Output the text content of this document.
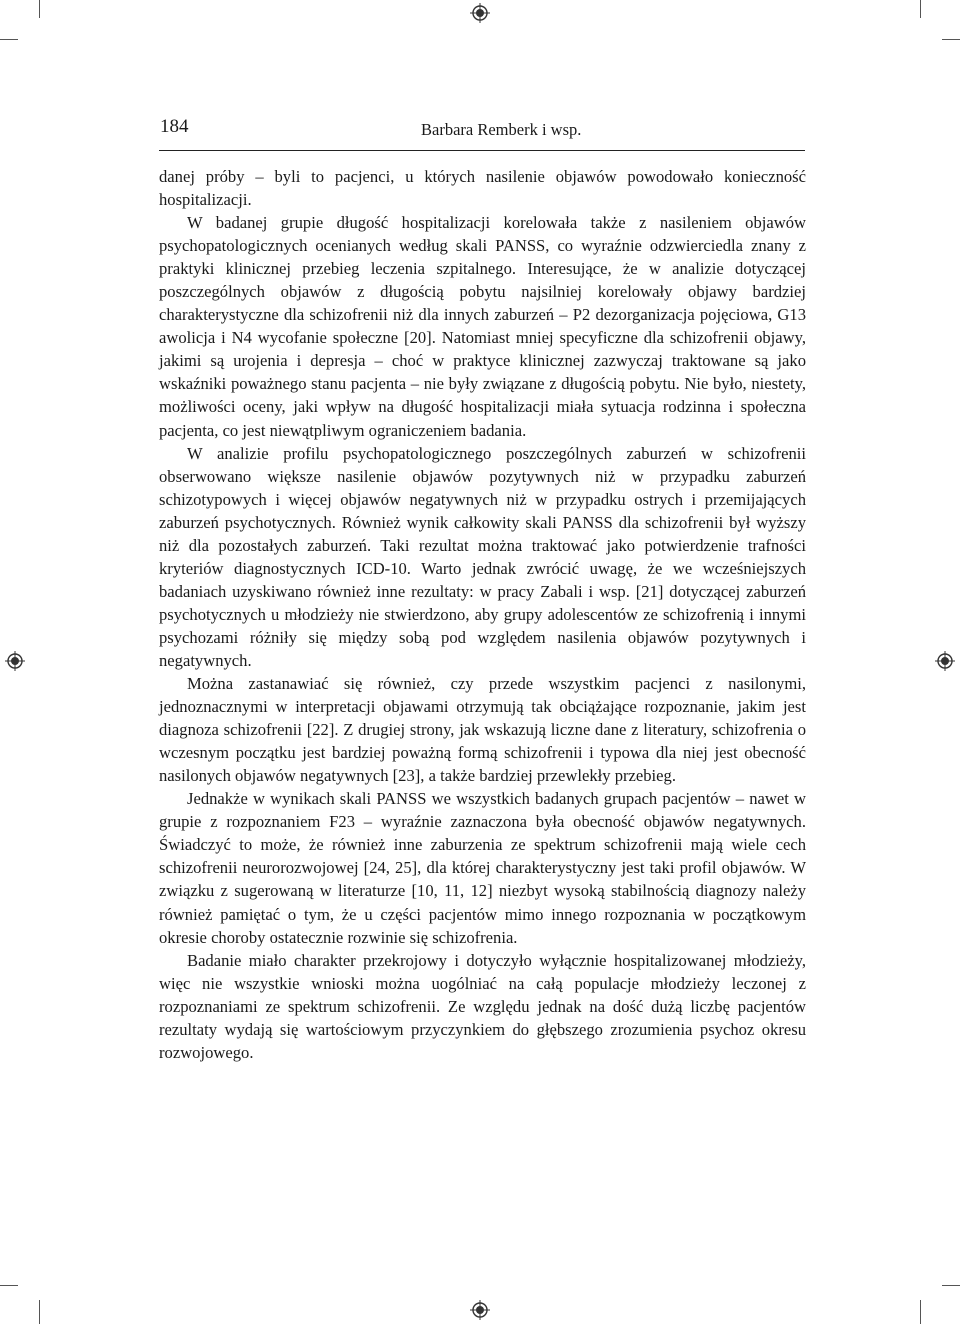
184	Barbara Remberk i wsp.

danej próby – byli to pacjenci, u których nasilenie objawów powodowało konieczność hospitalizacji.

W badanej grupie długość hospitalizacji korelowała także z nasileniem objawów psychopatologicznych ocenianych według skali PANSS, co wyraźnie odzwierciedla znany z praktyki klinicznej przebieg leczenia szpitalnego. Interesujące, że w analizie dotyczącej poszczególnych objawów z długością pobytu najsilniej korelowały objawy bardziej charakterystyczne dla schizofrenii niż dla innych zaburzeń – P2 dezorganizacja pojęciowa, G13 awolicja i N4 wycofanie społeczne [20]. Natomiast mniej specyficzne dla schizofrenii objawy, jakimi są urojenia i depresja – choć w praktyce klinicznej zazwyczaj traktowane są jako wskaźniki poważnego stanu pacjenta – nie były związane z długością pobytu. Nie było, niestety, możliwości oceny, jaki wpływ na długość hospitalizacji miała sytuacja rodzinna i społeczna pacjenta, co jest niewątpliwym ograniczeniem badania.

W analizie profilu psychopatologicznego poszczególnych zaburzeń w schizofrenii obserwowano większe nasilenie objawów pozytywnych niż w przypadku zaburzeń schizotypowych i więcej objawów negatywnych niż w przypadku ostrych i przemijających zaburzeń psychotycznych. Również wynik całkowity skali PANSS dla schizofrenii był wyższy niż dla pozostałych zaburzeń. Taki rezultat można traktować jako potwierdzenie trafności kryteriów diagnostycznych ICD-10. Warto jednak zwrócić uwagę, że we wcześniejszych badaniach uzyskiwano również inne rezultaty: w pracy Zabali i wsp. [21] dotyczącej zaburzeń psychotycznych u młodzieży nie stwierdzono, aby grupy adolescentów ze schizofrenią i innymi psychozami różniły się między sobą pod względem nasilenia objawów pozytywnych i negatywnych.

Można zastanawiać się również, czy przede wszystkim pacjenci z nasilonymi, jednoznacznymi w interpretacji objawami otrzymują tak obciążające rozpoznanie, jakim jest diagnoza schizofrenii [22]. Z drugiej strony, jak wskazują liczne dane z literatury, schizofrenia o wczesnym początku jest bardziej poważną formą schizofrenii i typowa dla niej jest obecność nasilonych objawów negatywnych [23], a także bardziej przewlekły przebieg.

Jednakże w wynikach skali PANSS we wszystkich badanych grupach pacjentów – nawet w grupie z rozpoznaniem F23 – wyraźnie zaznaczona była obecność objawów negatywnych. Świadczyć to może, że również inne zaburzenia ze spektrum schizofrenii mają wiele cech schizofrenii neurorozwojowej [24, 25], dla której charakterystyczny jest taki profil objawów. W związku z sugerowaną w literaturze [10, 11, 12] niezbyt wysoką stabilnością diagnozy należy również pamiętać o tym, że u części pacjentów mimo innego rozpoznania w początkowym okresie choroby ostatecznie rozwinie się schizofrenia.

Badanie miało charakter przekrojowy i dotyczyło wyłącznie hospitalizowanej młodzieży, więc nie wszystkie wnioski można uogólniać na całą populacje młodzieży leczonej z rozpoznaniami ze spektrum schizofrenii. Ze względu jednak na dość dużą liczbę pacjentów rezultaty wydają się wartościowym przyczynkiem do głębszego zrozumienia psychoz okresu rozwojowego.
